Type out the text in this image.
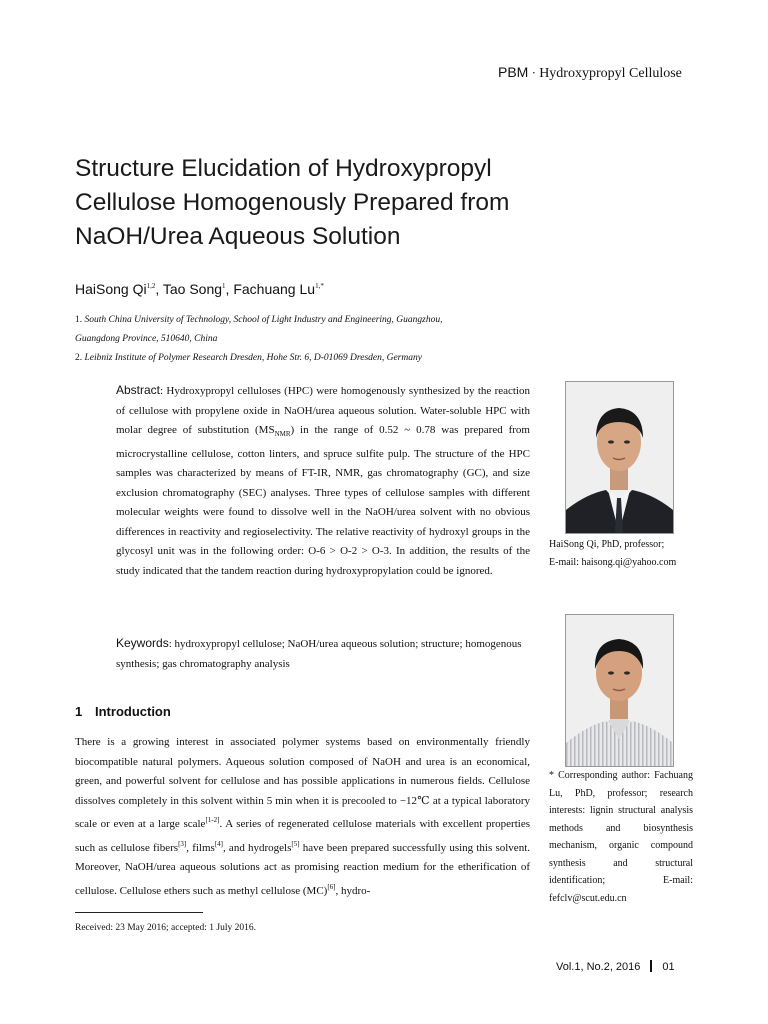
PBM · Hydroxypropyl Cellulose
Structure Elucidation of Hydroxypropyl
Cellulose Homogenously Prepared from
NaOH/Urea Aqueous Solution
HaiSong Qi$^{1,2}$, Tao Song$^1$, Fachuang $Lu^{1,*}$
1. South China University of Technology, School of Light Industry and Engineering, Guangzhou,
Guangdong Province, 510640, China
2. Leibniz Institute of Polymer Research Dresden, Hohe Str. 6, D-01069 Dresden, Germany
Abstract: Hydroxypropyl celluloses (HPC) were homogenously synthesized by the reaction of cellulose with propylene oxide in NaOH/urea aqueous solution. Water-soluble HPC with molar degree of substitution $(MS_{NMR})$ in the range of 0.52 ~ 0.78 was prepared from microcrystalline cellulose, cotton linters, and spruce sulfite pulp. The structure of the HPC samples was characterized by means of FT-IR, NMR, gas chromatography (GC), and size exclusion chromatography (SEC) analyses. Three types of cellulose samples with different molecular weights were found to dissolve well in the NaOH/urea solvent with no obvious differences in reactivity and regioselectivity. The relative reactivity of hydroxyl groups in the glycosyl unit was in the following order: O-6 > O-2 > O-3. In addition, the results of the study indicated that the tandem reaction during hydroxypropylation could be ignored.
Keywords: hydroxypropyl cellulose; NaOH/urea aqueous solution; structure; homogenous synthesis; gas chromatography analysis
1 Introduction
There is a growing interest in associated polymer systems based on environmentally friendly biocompatible natural polymers. Aqueous solution composed of NaOH and urea is an economical, green, and powerful solvent for cellulose and has possible applications in numerous fields. Cellulose dissolves completely in this solvent within 5 min when it is precooled to −12℃ at a typical laboratory scale or even at a large scale[1-2]. A series of regenerated cellulose materials with excellent properties such as cellulose fibers[3], films[4], and hydrogels[5] have been prepared successfully using this solvent. Moreover, NaOH/urea aqueous solutions act as promising reaction medium for the etherification of cellulose. Cellulose ethers such as methyl cellulose (MC)[6], hydro-
Received: 23 May 2016; accepted: 1 July 2016.
HaiSong Qi, PhD, professor;
E-mail: haisong.qi@yahoo.com
* Corresponding author: Fachuang Lu, PhD, professor; research interests: lignin structural analysis methods and biosynthesis mechanism, organic compound synthesis and structural identification; E-mail: fefclv@scut.edu.cn
Vol.1, No.2, 2016 01
